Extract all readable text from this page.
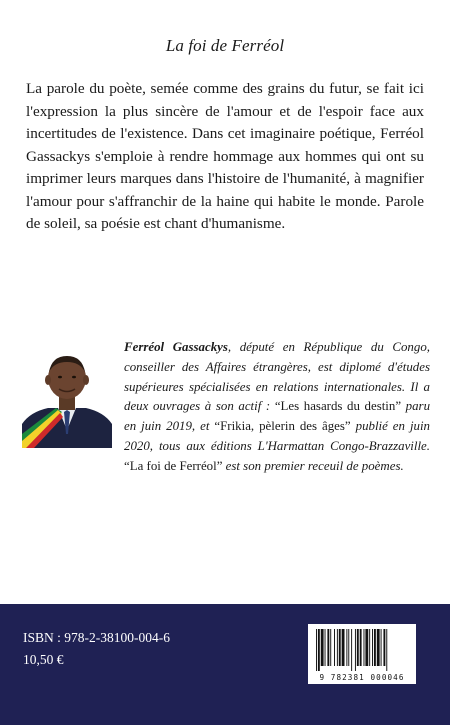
La foi de Ferréol

La parole du poète, semée comme des grains du futur, se fait ici l'expression la plus sincère de l'amour et de l'espoir face aux incertitudes de l'existence. Dans cet imaginaire poétique, Ferréol Gassackys s'emploie à rendre hommage aux hommes qui ont su imprimer leurs marques dans l'histoire de l'humanité, à magnifier l'amour pour s'affranchir de la haine qui habite le monde. Parole de soleil, sa poésie est chant d'humanisme.

Ferréol Gassackys, député en République du Congo, conseiller des Affaires étrangères, est diplomé d'études supérieures spécialisées en relations internationales. Il a deux ouvrages à son actif : “Les hasards du destin” paru en juin 2019, et “Frikia, pèlerin des âges” publié en juin 2020, tous aux éditions L'Harmattan Congo-Brazzaville. “La foi de Ferréol” est son premier receuil de poèmes.

ISBN : 978-2-38100-004-6
10,50 €
9 782381 000046
